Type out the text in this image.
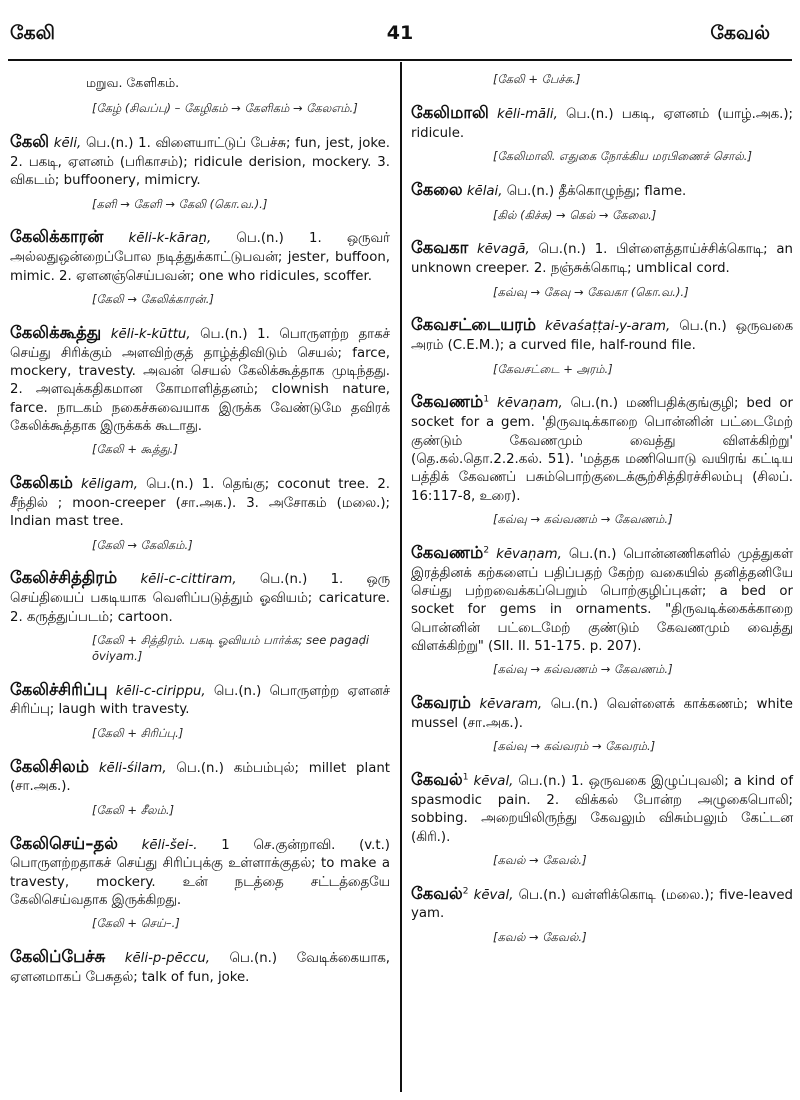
கேலி	41	கேவல்
மறுவ. கேளிகம்.
[கேழ் (சிவப்பு) – கேழிகம் → கேளிகம் → கேலஎம்.]
கேலி kēli, பெ.(n.) 1. விளையாட்டுப் பேச்சு; fun, jest, joke. 2. பகடி, ஏளனம் (பரிகாசம்); ridicule derision, mockery. 3. விகடம்; buffoonery, mimicry.
[களி → கேளி → கேலி (கொ.வ.).]
கேலிக்காரன் kēli-k-kāraṉ, பெ.(n.) 1. ஒருவர் அல்லதுஒன்றைப்போல நடித்துக்காட்டுபவன்; jester, buffoon, mimic. 2. ஏளனஞ்செய்பவன்; one who ridicules, scoffer.
[கேலி → கேலிக்காரன்.]
கேலிக்கூத்து kēli-k-kūttu, பெ.(n.) 1. பொருளற்ற தாகச் செய்து சிரிக்கும் அளவிற்குத் தாழ்த்திவிடும் செயல்; farce, mockery, travesty. அவன் செயல் கேலிக்கூத்தாக முடிந்தது. 2. அளவுக்கதிகமான கோமாளித்தனம்; clownish nature, farce. நாடகம் நகைச்சுவையாக இருக்க வேண்டுமே தவிரக் கேலிக்கூத்தாக இருக்கக் கூடாது.
[கேலி + கூத்து.]
கேலிகம் kēligam, பெ.(n.) 1. தெங்கு; coconut tree. 2. சீந்தில் ; moon-creeper (சா.அக.). 3. அசோகம் (மலை.); Indian mast tree.
[கேலி → கேலிகம்.]
கேலிச்சித்திரம் kēli-c-cittiram, பெ.(n.) 1. ஒரு செய்தியைப் பகடியாக வெளிப்படுத்தும் ஓவியம்; caricature. 2. கருத்துப்படம்; cartoon.
[கேலி + சித்திரம். பகடி ஓவியம் பார்க்க; see pagaḍi ōviyam.]
கேலிச்சிரிப்பு kēli-c-cirippu, பெ.(n.) பொருளற்ற ஏளனச் சிரிப்பு; laugh with travesty.
[கேலி + சிரிப்பு.]
கேலிசிலம் kēli-śilam, பெ.(n.) கம்பம்புல்; millet plant (சா.அக.).
[கேலி + சீலம்.]
கேலிசெய்–தல் kēli-šei-. 1 செ.குன்றாவி. (v.t.) பொருளற்றதாகச் செய்து சிரிப்புக்கு உள்ளாக்குதல்; to make a travesty, mockery. உன் நடத்தை சட்டத்தையே கேலிசெய்வதாக இருக்கிறது.
[கேலி + செய்–.]
கேலிப்பேச்சு kēli-p-pēccu, பெ.(n.) வேடிக்கையாக, ஏளனமாகப் பேசுதல்; talk of fun, joke.
[கேலி + பேச்சு.]
கேலிமாலி kēli-māli, பெ.(n.) பகடி, ஏளனம் (யாழ்.அக.); ridicule.
[கேலிமாலி. எதுகை நோக்கிய மரபிணைச் சொல்.]
கேலை kēlai, பெ.(n.) தீக்கொழுந்து; flame.
[கில் (கிச்சு) → கெல் → கேலை.]
கேவகா kēvagā, பெ.(n.) 1. பிள்ளைத்தாய்ச்சிக்கொடி; an unknown creeper. 2. நஞ்சுக்கொடி; umblical cord.
[கவ்வு → கேவு → கேவகா (கொ.வ.).]
கேவசட்டையரம் kēvaśaṭṭai-y-aram, பெ.(n.) ஒருவகை அரம் (C.E.M.); a curved file, half-round file.
[கேவசட்டை + அரம்.]
கேவணம்$^1$ kēvaṇam, பெ.(n.) மணிபதிக்குங்குழி; bed or socket for a gem. 'திருவடிக்காறை பொன்னின் பட்டைமேற் குண்டும் கேவணமும் வைத்து விளக்கிற்று' (தெ.கல்.தொ.2.2.கல். 51). 'மத்தக மணியொடு வயிரங் கட்டிய பத்திக் கேவணப் பசும்பொற்குடைக்சூற்சித்திரச்சிலம்பு (சிலப். 16:117-8, உரை).
[கவ்வு → கவ்வணம் → கேவணம்.]
கேவணம்$^2$ kēvaṇam, பெ.(n.) பொன்னணிகளில் முத்துகள் இரத்தினக் கற்களைப் பதிப்பதற் கேற்ற வகையில் தனித்தனியே செய்து பற்றவைக்கப்பெறும் பொற்குழிப்புகள்; a bed or socket for gems in ornaments. "திருவடிக்கைக்காறை பொன்னின் பட்டைமேற் குண்டும் கேவணமும் வைத்து விளக்கிற்று" (SII. II. 51-175. p. 207).
[கவ்வு → கவ்வணம் → கேவணம்.]
கேவரம் kēvaram, பெ.(n.) வெள்ளைக் காக்கணம்; white mussel (சா.அக.).
[கவ்வு → கவ்வரம் → கேவரம்.]
கேவல்$^1$ kēval, பெ.(n.) 1. ஒருவகை இழுப்புவலி; a kind of spasmodic pain. 2. விக்கல் போன்ற அழுகைபொலி; sobbing. அறையிலிருந்து கேவலும் விசும்பலும் கேட்டன (கிரி.).
[கவல் → கேவல்.]
கேவல்$^2$ kēval, பெ.(n.) வள்ளிக்கொடி (மலை.); five-leaved yam.
[கவல் → கேவல்.]
